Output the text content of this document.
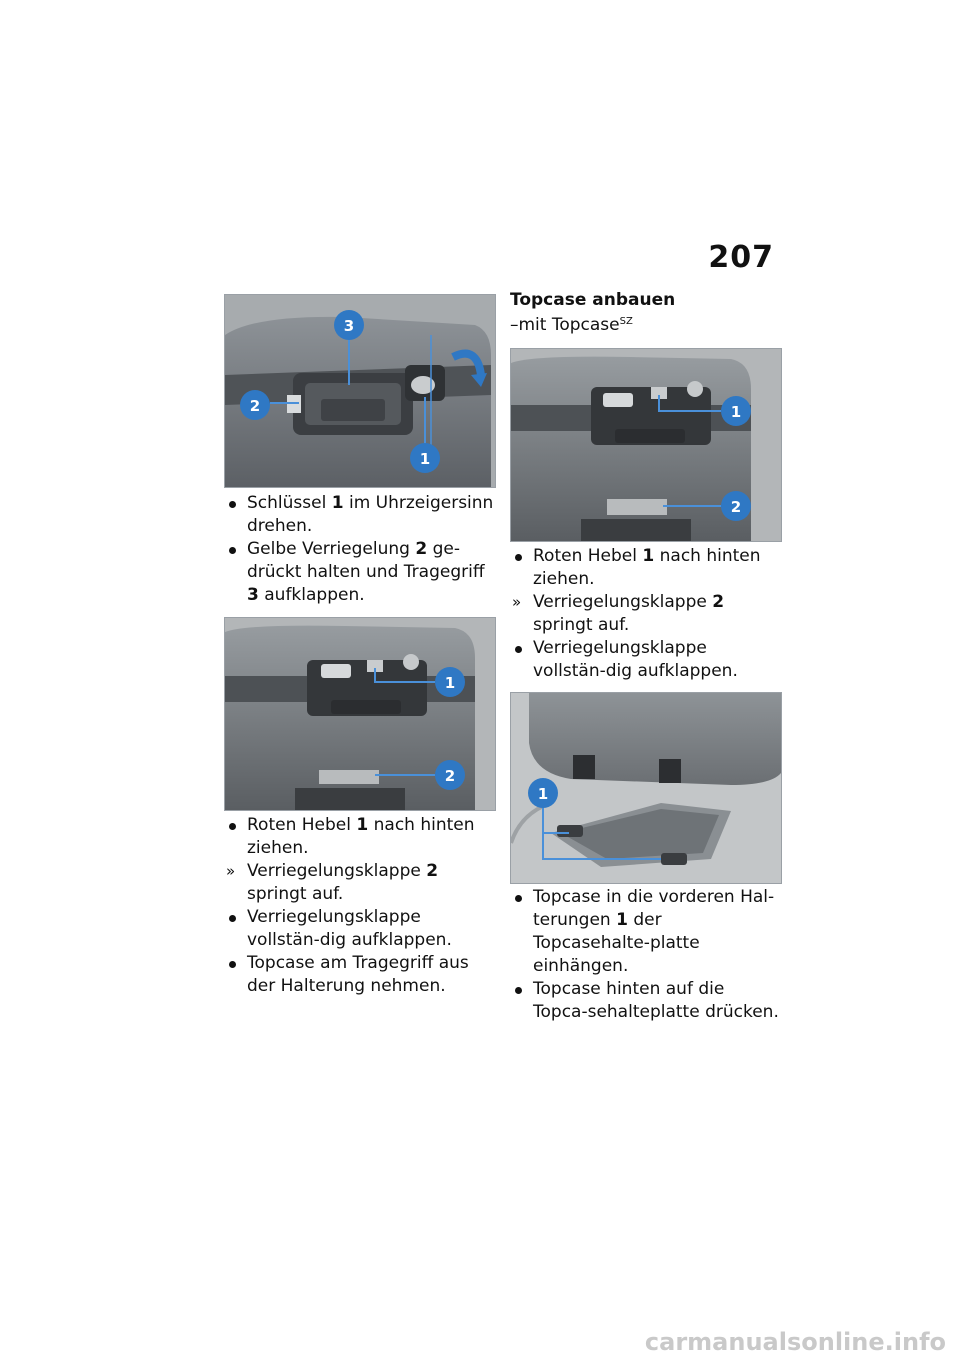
207
3
2
1
Schlüssel 1 im Uhrzeigersinn drehen.
Gelbe Verriegelung 2 ge-drückt halten und Tragegriff 3 aufklappen.
1
2
Roten Hebel 1 nach hinten ziehen.
» Verriegelungsklappe 2 springt auf.
Verriegelungsklappe vollstän-dig aufklappen.
Topcase am Tragegriff aus der Halterung nehmen.
Topcase anbauen

–mit Topcase$^{SZ}$

1
2
Roten Hebel 1 nach hinten ziehen.
» Verriegelungsklappe 2 springt auf.
Verriegelungsklappe vollstän-dig aufklappen.
1
Topcase in die vorderen Hal-terungen 1 der Topcasehalte-platte einhängen.
Topcase hinten auf die Topca-sehalteplatte drücken.
carmanualsonline.info
